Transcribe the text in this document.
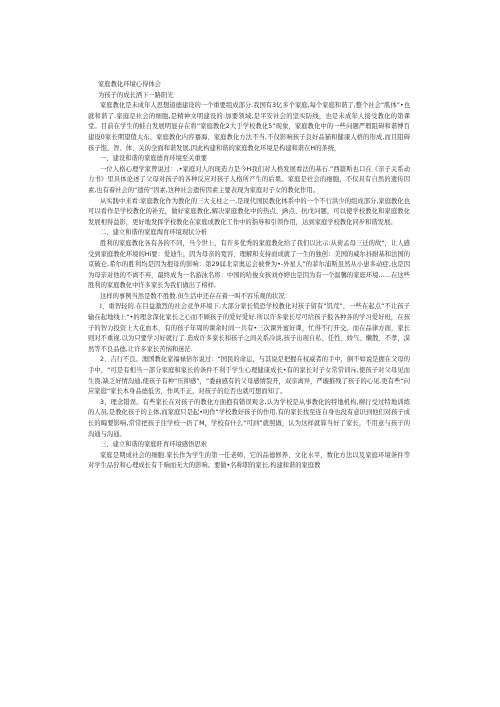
家庭教化环境心得体会

为孩子的成长洒下一路阳光

家庭教化是未成年人思想道德建设的一个重要组成部分.我国有3亿多个家庭,每个家庭和谐了,整个社会“肌体”•也就和谐了.家庭是社会的细胞,是精神文明建设的:加要领域,是平安社会的坚实防线，也是未成年人接受教化的第课堂。目前在学生的蛙自发展明显存在将“家庭教化2大于学校教化5”现象，家庭教化中的一些问题严瑕阻碍和谐博百建设0家长期望值太东、家庭教化内容蹇海、家庭教化方法不当,不仅影响孩子良好品猫和健康人格的形成,而且阻碍孩子饱、智、体、关的全面和谐发展,因此构建和谐的家庭教化环境是构建和谐在H的茶统，

一、建设和谐的家庭德育环境至关重要

一位人格心理学家曾说过：,•家庭对人的现造力是今H我们对人格发展看法的基石.”西篇斯也口在《亲子关系动力书》里具体论述了父母对孩子的各种反应对孩子人格所产生的后果。家庭是社会的细胞，不仅具有自然的遗传因素,也有着社会的“遗传”因素,这种社会遗传因素主要表现为家庭对子女的教化作用。

从实践中来看:家庭教化作为教化的三大支柱之一,是现代国民教化体系中的一个不行洪少的组成部分,家庭教化也可以看作是学校教化的补充，做好家庭教化,解决家庭教化中的热点、JR点、抗戊问题，可以使学校教化和家庭教化发展相得益影，更好地发挥学校教化在家庭或教化工作中的指导和引领作用，达到家庭学校教化同步和谐发展。

二、建立和谐的家庭淘育环境现状分析

胜利的家庭教化各有各的不同，当今世上，有许多优秀的家庭教化给了我们以比示:从荷孟母三迁的故“，让人感受到家庭教化环境的Hi要：爱迪生，因为母亲的宽容、理解和支持而成就了一生的独创：美国的威尔抖耐基和法国的京破仑,希尔的胜利均是因为抱母的影响：第29届北京奥运会被誉为•-外星人”的菲尔浦斯虽然从小患多动症,也是因为母亲对他的不离不弃，最终成为一名游泳名将：中国的哈俊女孩刘亦婷也是因为有一个温馨的家庭环境……在这些胜利的家庭教化中许多家长为我们做出了榜样,

这样的事例当然是数不胜数.但生活中还存在着一叫不容乐观的状况：

I、重智轻的.在目益激烈的社会竞争环境下,大部分家长慌恐学校教化对孩子留有“饥荒”，一些在起点“不让孩子输在起地线上“•的理念深化家长之心而不顾孩子的爱好爱好.所以许多家长尽可给孩子报各种各的学习爱好班，在孩子的智力投资上大花血本，有的孩子年周的课余时间一共有•三次课外蜜好课，忙得不行开交。而在品律方面，家长则对不重视.以为只要学习好就行了.造成许多家长和孩子之间关系冷淡,孩子出现自私、任性、娇气、懒散、不孝，漠然等不良品德,让许多家长苦恼和迷茫.

2、吉行不良。澳国教化家福禄倍尔说过：“国民的命运，与其说是把握在权威者的手中，倒不如说是握在父母的手中，“可是有相当一部分家庭和家长的条件不利于学生心理健康成长•有的家长对子女常常训斥,使孩子对父母见而生畏,缺乏好情沟通,使孩子有种“压抑感”，“委曲感有的父母感情裂开，双亲离异，严璇摧残了孩子的心见.更有些“问应家庭“家长本身品德低劣，作风不正，对孩子的危否也就可想而知了。

3、理念错误。有些家长在对孩子的教化方面抱有错误观念,认为学校是从事教化的特地机构,柳行受过特地训练的人员,是教化孩子的主体,而家庭只是起•叨作“学校教好孩子的作用.有的家长找至连自身也没有意识到他们对孩子成长的晦要影响,常常把孩子往学校一扔了M，学校有什么“可到”就照做，认为这样就算当好了家长，不用意与孩子的沟通与沟通。

三、建立和谐的家庭旺育环境感悟思索

家庭是期成社会的细胞.家长作为学生的第一任老师，它的品德修养，文化水平，数化方法以及家庭环境条件等对学生品狞和心理成长有千晌而无大的影响。要做•名称职的家长,构建和谐的家庭教
